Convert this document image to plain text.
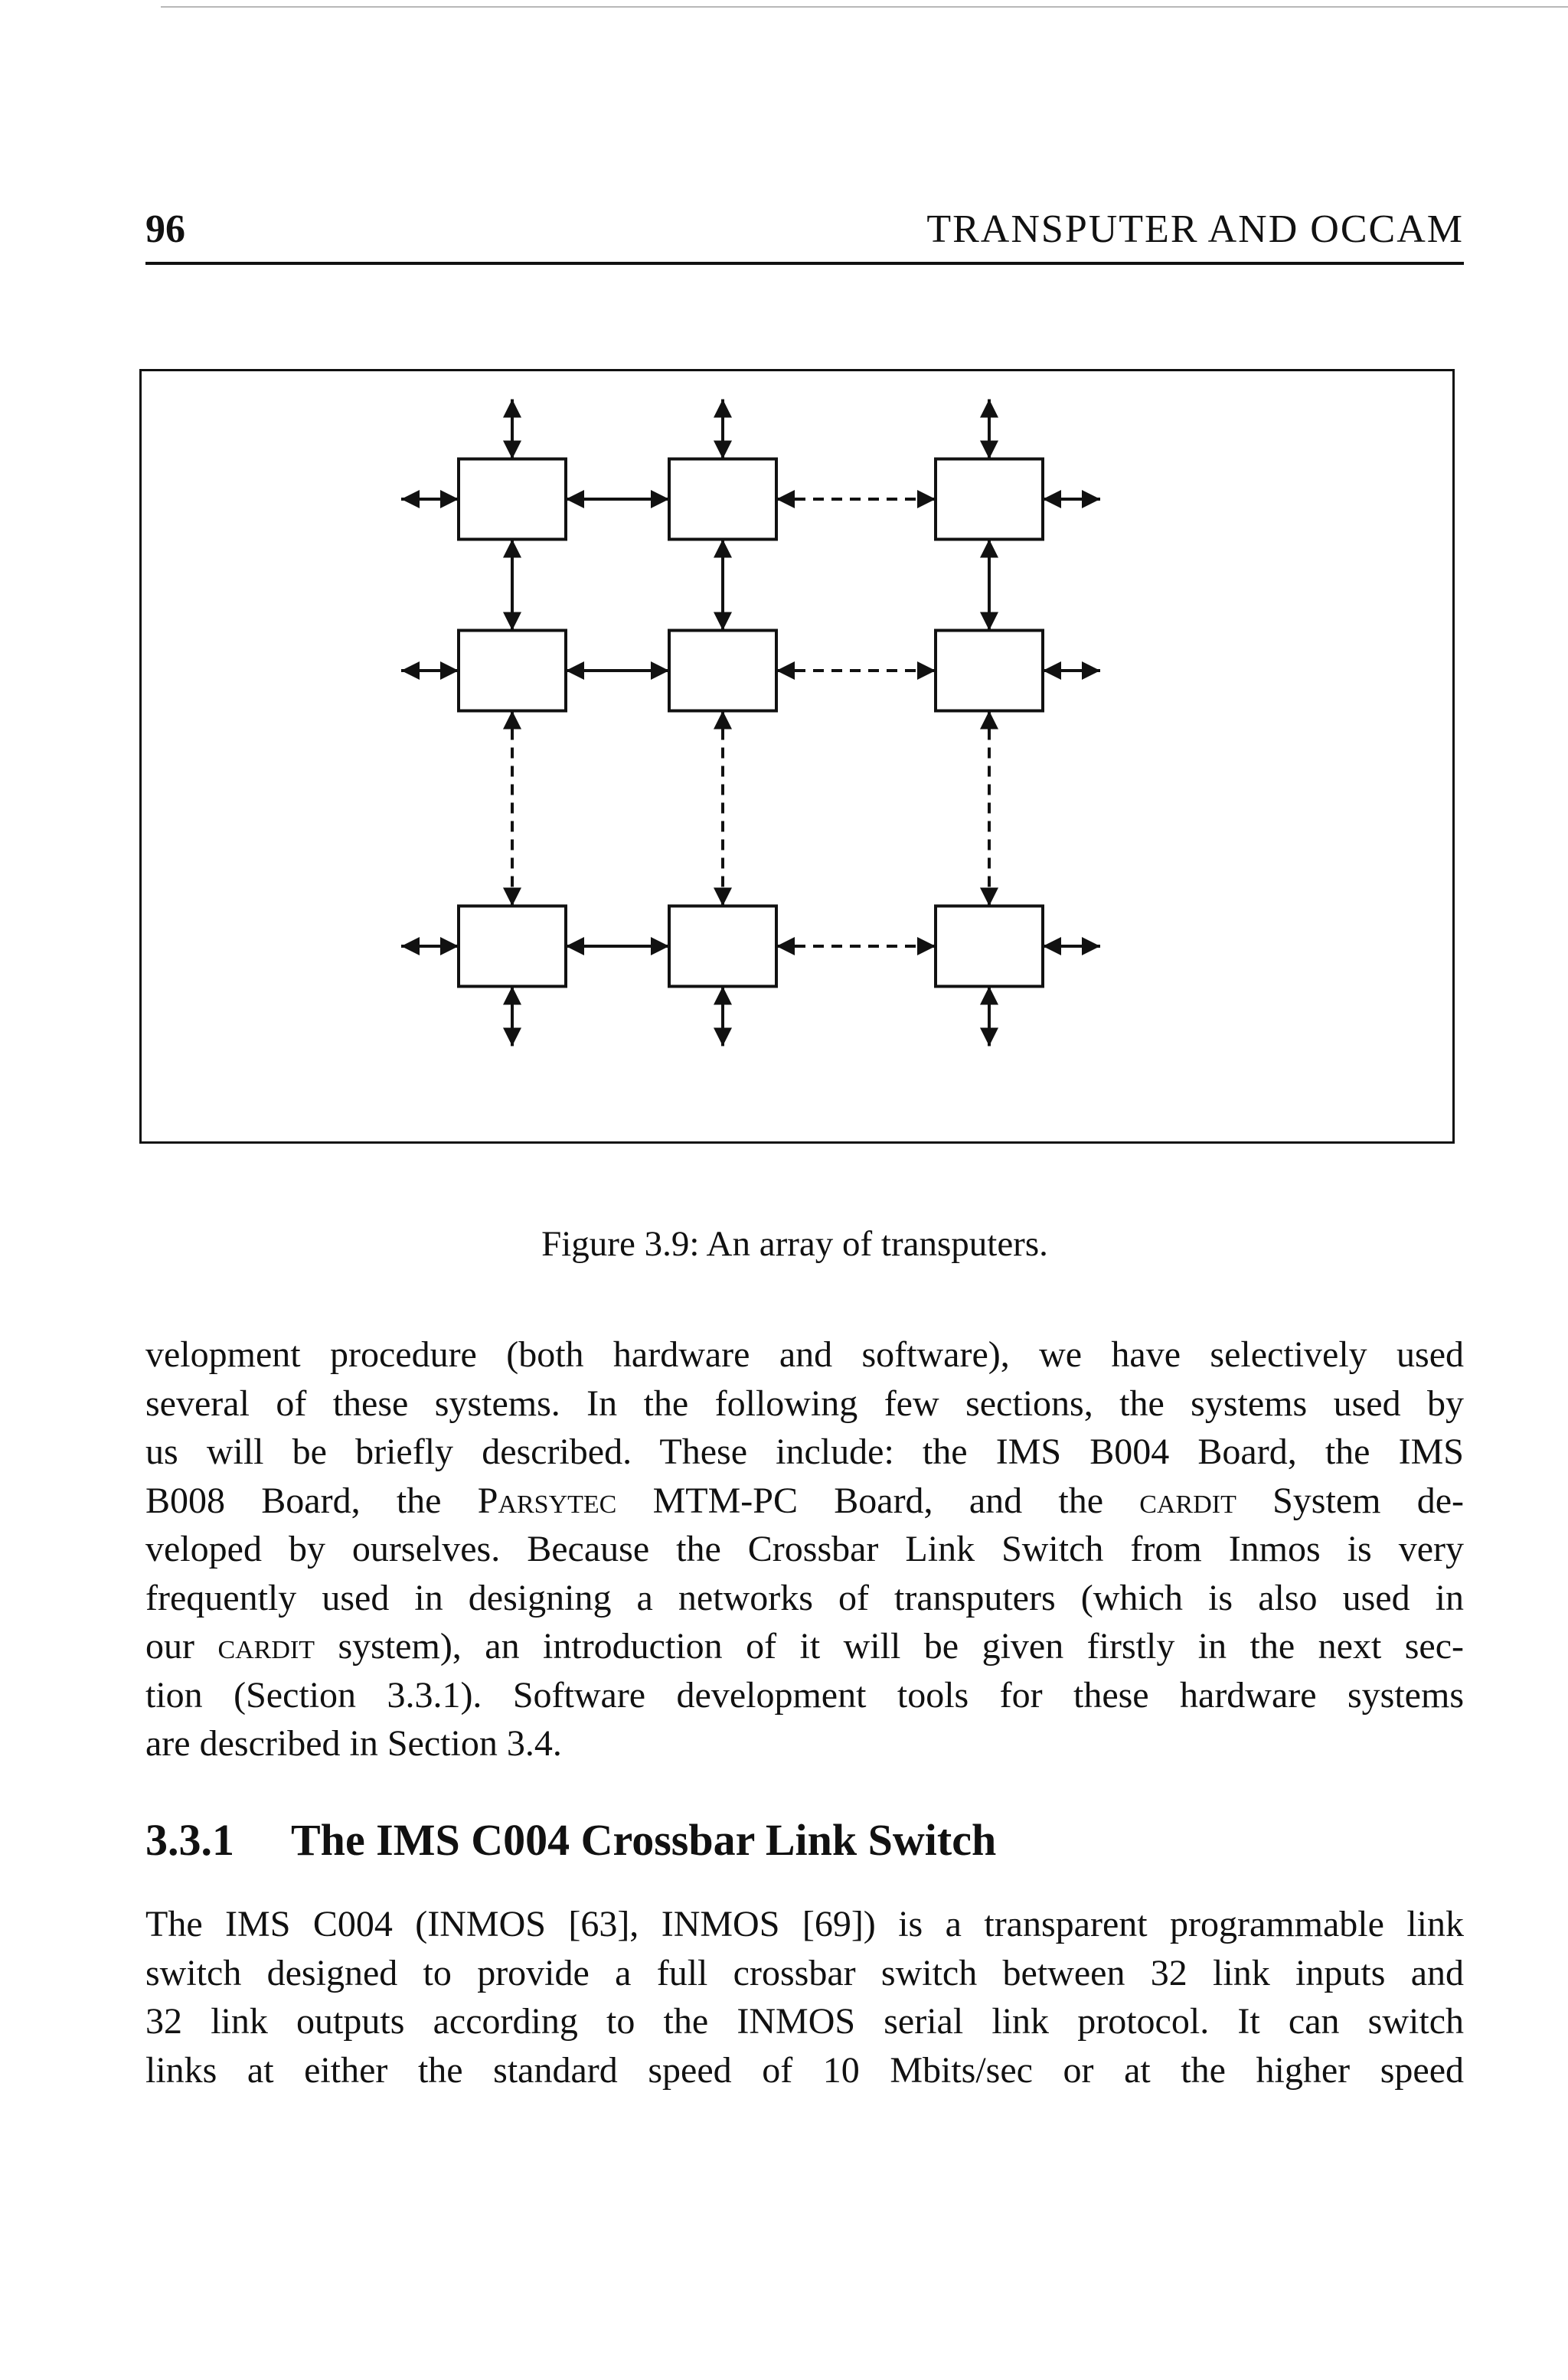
96	TRANSPUTER AND OCCAM
Figure 3.9: An array of transputers.
velopment procedure (both hardware and software), we have selectively used
several of these systems. In the following few sections, the systems used by
us will be briefly described. These include: the IMS B004 Board, the IMS
B008 Board, the Parsytec MTM-PC Board, and the cardit System de-
veloped by ourselves. Because the Crossbar Link Switch from Inmos is very
frequently used in designing a networks of transputers (which is also used in
our cardit system), an introduction of it will be given firstly in the next sec-
tion (Section 3.3.1). Software development tools for these hardware systems
are described in Section 3.4.
3.3.1 The IMS C004 Crossbar Link Switch
The IMS C004 (INMOS [63], INMOS [69]) is a transparent programmable link
switch designed to provide a full crossbar switch between 32 link inputs and
32 link outputs according to the INMOS serial link protocol. It can switch
links at either the standard speed of 10 Mbits/sec or at the higher speed
